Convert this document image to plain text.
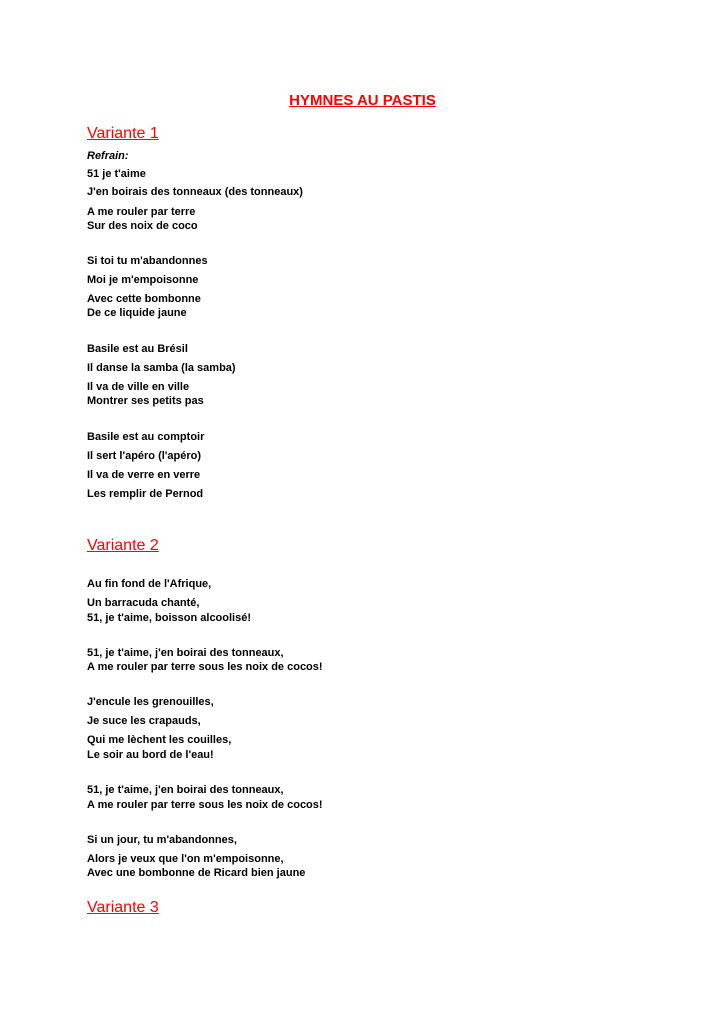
HYMNES AU PASTIS
Variante 1
Refrain:
51 je t'aime
J'en boirais des tonneaux (des tonneaux)
A me rouler par terre
Sur des noix de coco
Si toi tu m'abandonnes
Moi je m'empoisonne
Avec cette bombonne
De ce liquide jaune
Basile est au Brésil
Il danse la samba (la samba)
Il va de ville en ville
Montrer ses petits pas
Basile est au comptoir
Il sert l'apéro (l'apéro)
Il va de verre en verre
Les remplir de Pernod
Variante 2
Au fin fond de l'Afrique,
Un barracuda chanté,
51, je t'aime, boisson alcoolisé!
51, je t'aime, j'en boirai des tonneaux,
A me rouler par terre sous les noix de cocos!
J'encule les grenouilles,
Je suce les crapauds,
Qui me lèchent les couilles,
Le soir au bord de l'eau!
51, je t'aime, j'en boirai des tonneaux,
A me rouler par terre sous les noix de cocos!
Si un jour, tu m'abandonnes,
Alors je veux que l'on m'empoisonne,
Avec une bombonne de Ricard bien jaune
Variante 3
